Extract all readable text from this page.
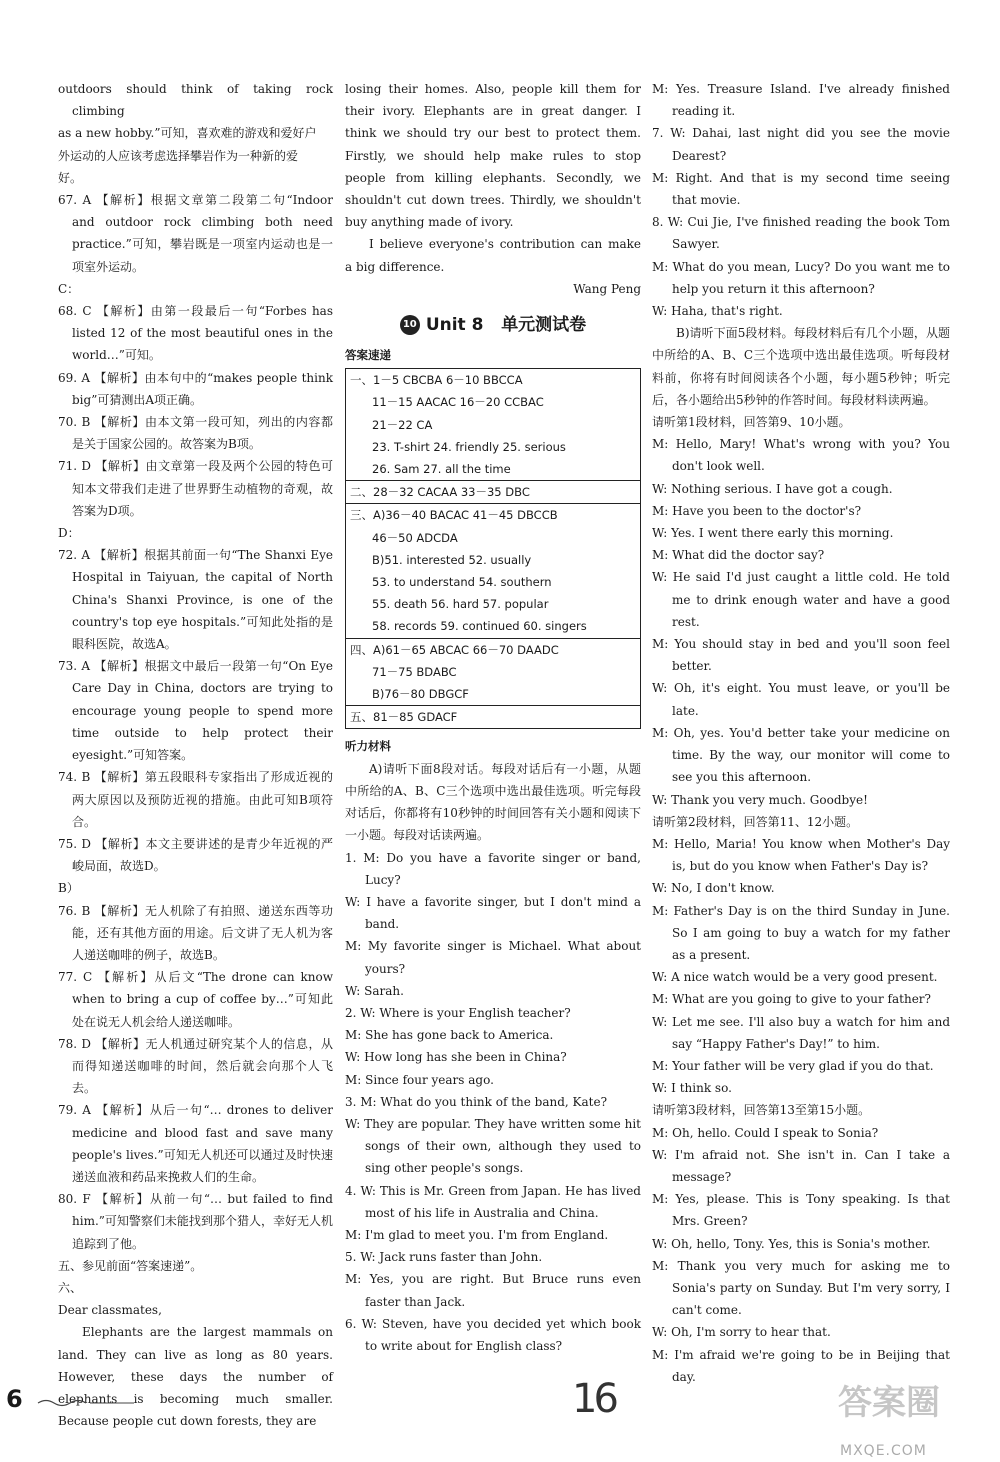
outdoors should think of taking rock climbing
as a new hobby.”可知，喜欢难的游戏和爱好户
外运动的人应该考虑选择攀岩作为一种新的爱
好。
67. A 【解析】根据文章第二段第二句“Indoor and outdoor rock climbing both need practice.”可知，攀岩既是一项室内运动也是一项室外运动。
C：
68. C 【解析】由第一段最后一句“Forbes has listed 12 of the most beautiful ones in the world…”可知。
69. A 【解析】由本句中的“makes people think big”可猜测出A项正确。
70. B 【解析】由本文第一段可知，列出的内容都是关于国家公园的。故答案为B项。
71. D 【解析】由文章第一段及两个公园的特色可知本文带我们走进了世界野生动植物的奇观，故答案为D项。
D：
72. A 【解析】根据其前面一句“The Shanxi Eye Hospital in Taiyuan, the capital of North China's Shanxi Province, is one of the country's top eye hospitals.”可知此处指的是眼科医院，故选A。
73. A 【解析】根据文中最后一段第一句“On Eye Care Day in China, doctors are trying to encourage young people to spend more time outside to help protect their eyesight.”可知答案。
74. B 【解析】第五段眼科专家指出了形成近视的两大原因以及预防近视的措施。由此可知B项符合。
75. D 【解析】本文主要讲述的是青少年近视的严峻局面，故选D。
B）
76. B 【解析】无人机除了有拍照、递送东西等功能，还有其他方面的用途。后文讲了无人机为客人递送咖啡的例子，故选B。
77. C 【解析】从后文“The drone can know when to bring a cup of coffee by…”可知此处在说无人机会给人递送咖啡。
78. D 【解析】无人机通过研究某个人的信息，从而得知递送咖啡的时间，然后就会向那个人飞去。
79. A 【解析】从后一句“… drones to deliver medicine and blood fast and save many people's lives.”可知无人机还可以通过及时快速递送血液和药品来挽救人们的生命。
80. F 【解析】从前一句“… but failed to find him.”可知警察们未能找到那个猎人，幸好无人机追踪到了他。
五、参见前面“答案速递”。
六、
Dear classmates,
Elephants are the largest mammals on land. They can live as long as 80 years. However, these days the number of elephants is becoming much smaller. Because people cut down forests, they are
losing their homes. Also, people kill them for their ivory. Elephants are in great danger. I think we should try our best to protect them. Firstly, we should help make rules to stop people from killing elephants. Secondly, we shouldn't cut down trees. Thirdly, we shouldn't buy anything made of ivory.
I believe everyone's contribution can make a big difference.
Wang Peng
10 Unit 8 单元测试卷
答案速递
一、1－5 CBCBA 6－10 BBCCA
11－15 AACAC 16－20 CCBAC
21－22 CA
23. T-shirt 24. friendly 25. serious
26. Sam 27. all the time
二、28－32 CACAA 33－35 DBC
三、A)36－40 BACAC 41－45 DBCCB
46－50 ADCDA
B)51. interested 52. usually
53. to understand 54. southern
55. death 56. hard 57. popular
58. records 59. continued 60. singers
四、A)61－65 ABCAC 66－70 DAADC
71－75 BDABC
B)76－80 DBGCF
五、81－85 GDACF
听力材料
A)请听下面8段对话。每段对话后有一小题，从题中所给的A、B、C三个选项中选出最佳选项。听完每段对话后，你都将有10秒钟的时间回答有关小题和阅读下一小题。每段对话读两遍。
1. M: Do you have a favorite singer or band, Lucy?
W: I have a favorite singer, but I don't mind a band.
M: My favorite singer is Michael. What about yours?
W: Sarah.
2. W: Where is your English teacher?
M: She has gone back to America.
W: How long has she been in China?
M: Since four years ago.
3. M: What do you think of the band, Kate?
W: They are popular. They have written some hit songs of their own, although they used to sing other people's songs.
4. W: This is Mr. Green from Japan. He has lived most of his life in Australia and China.
M: I'm glad to meet you. I'm from England.
5. W: Jack runs faster than John.
M: Yes, you are right. But Bruce runs even faster than Jack.
6. W: Steven, have you decided yet which book to write about for English class?
M: Yes. Treasure Island. I've already finished reading it.
7. W: Dahai, last night did you see the movie Dearest?
M: Right. And that is my second time seeing that movie.
8. W: Cui Jie, I've finished reading the book Tom Sawyer.
M: What do you mean, Lucy? Do you want me to help you return it this afternoon?
W: Haha, that's right.
B)请听下面5段材料。每段材料后有几个小题，从题中所给的A、B、C三个选项中选出最佳选项。听每段材料前，你将有时间阅读各个小题，每小题5秒钟；听完后，各小题给出5秒钟的作答时间。每段材料读两遍。
请听第1段材料，回答第9、10小题。
M: Hello, Mary! What's wrong with you? You don't look well.
W: Nothing serious. I have got a cough.
M: Have you been to the doctor's?
W: Yes. I went there early this morning.
M: What did the doctor say?
W: He said I'd just caught a little cold. He told me to drink enough water and have a good rest.
M: You should stay in bed and you'll soon feel better.
W: Oh, it's eight. You must leave, or you'll be late.
M: Oh, yes. You'd better take your medicine on time. By the way, our monitor will come to see you this afternoon.
W: Thank you very much. Goodbye!
请听第2段材料，回答第11、12小题。
M: Hello, Maria! You know when Mother's Day is, but do you know when Father's Day is?
W: No, I don't know.
M: Father's Day is on the third Sunday in June. So I am going to buy a watch for my father as a present.
W: A nice watch would be a very good present.
M: What are you going to give to your father?
W: Let me see. I'll also buy a watch for him and say “Happy Father's Day!” to him.
M: Your father will be very glad if you do that.
W: I think so.
请听第3段材料，回答第13至第15小题。
M: Oh, hello. Could I speak to Sonia?
W: I'm afraid not. She isn't in. Can I take a message?
M: Yes, please. This is Tony speaking. Is that Mrs. Green?
W: Oh, hello, Tony. Yes, this is Sonia's mother.
M: Thank you very much for asking me to Sonia's party on Sunday. But I'm very sorry, I can't come.
W: Oh, I'm sorry to hear that.
M: I'm afraid we're going to be in Beijing that day.
6	16	答案圈
MXQE.COM
